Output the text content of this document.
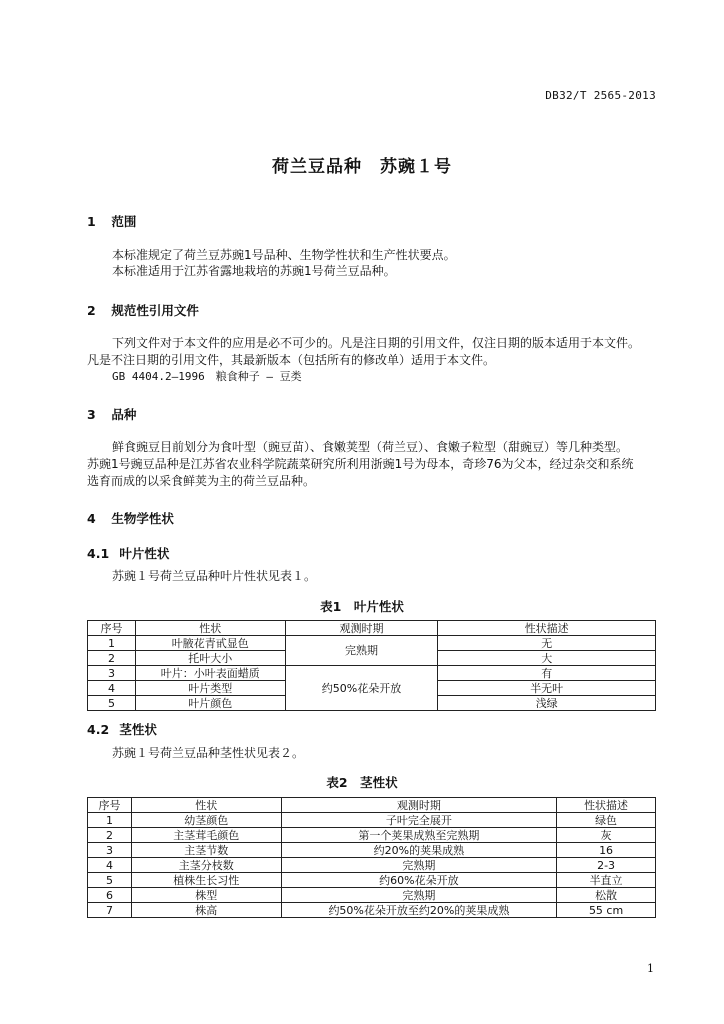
DB32/T 2565-2013
荷兰豆品种　苏豌１号
1 范围
本标准规定了荷兰豆苏豌1号品种、生物学性状和生产性状要点。
本标准适用于江苏省露地栽培的苏豌1号荷兰豆品种。
2 规范性引用文件
下列文件对于本文件的应用是必不可少的。凡是注日期的引用文件，仅注日期的版本适用于本文件。
凡是不注日期的引用文件，其最新版本（包括所有的修改单）适用于本文件。
GB 4404.2—1996　粮食种子 — 豆类
3 品种
鲜食豌豆目前划分为食叶型（豌豆苗）、食嫩荚型（荷兰豆）、食嫩子粒型（甜豌豆）等几种类型。
苏豌1号豌豆品种是江苏省农业科学院蔬菜研究所利用浙豌1号为母本，奇珍76为父本，经过杂交和系统
选育而成的以采食鲜荚为主的荷兰豆品种。
4 生物学性状
4.1 叶片性状
苏豌１号荷兰豆品种叶片性状见表１。
表1　叶片性状
序号	性状	观测时期	性状描述
1	叶腋花青甙显色	完熟期	无
2	托叶大小		大
3	叶片：小叶表面蜡质	约50%花朵开放	有
4	叶片类型		半无叶
5	叶片颜色		浅绿
4.2 茎性状
苏豌１号荷兰豆品种茎性状见表２。
表2　茎性状
序号	性状	观测时期	性状描述
1	幼茎颜色	子叶完全展开	绿色
2	主茎茸毛颜色	第一个荚果成熟至完熟期	灰
3	主茎节数	约20%的荚果成熟	16
4	主茎分枝数	完熟期	2-3
5	植株生长习性	约60%花朵开放	半直立
6	株型	完熟期	松散
7	株高	约50%花朵开放至约20%的荚果成熟	55 cm
1
